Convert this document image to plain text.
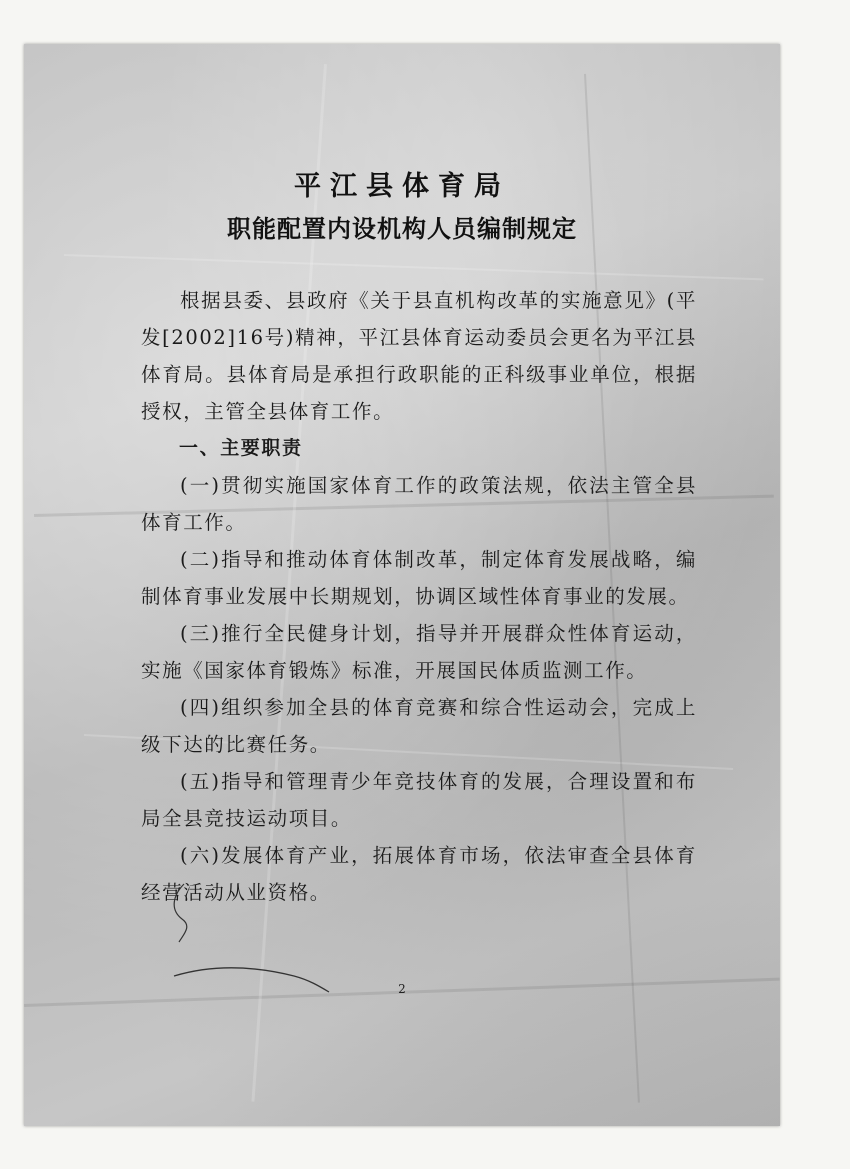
平江县体育局
职能配置内设机构人员编制规定

根据县委、县政府《关于县直机构改革的实施意见》(平发[2002]16号)精神，平江县体育运动委员会更名为平江县体育局。县体育局是承担行政职能的正科级事业单位，根据授权，主管全县体育工作。

一、主要职责

(一)贯彻实施国家体育工作的政策法规，依法主管全县体育工作。

(二)指导和推动体育体制改革，制定体育发展战略，编制体育事业发展中长期规划，协调区域性体育事业的发展。

(三)推行全民健身计划，指导并开展群众性体育运动，实施《国家体育锻炼》标准，开展国民体质监测工作。

(四)组织参加全县的体育竞赛和综合性运动会，完成上级下达的比赛任务。

(五)指导和管理青少年竞技体育的发展，合理设置和布局全县竞技运动项目。

(六)发展体育产业，拓展体育市场，依法审查全县体育经营活动从业资格。

2
